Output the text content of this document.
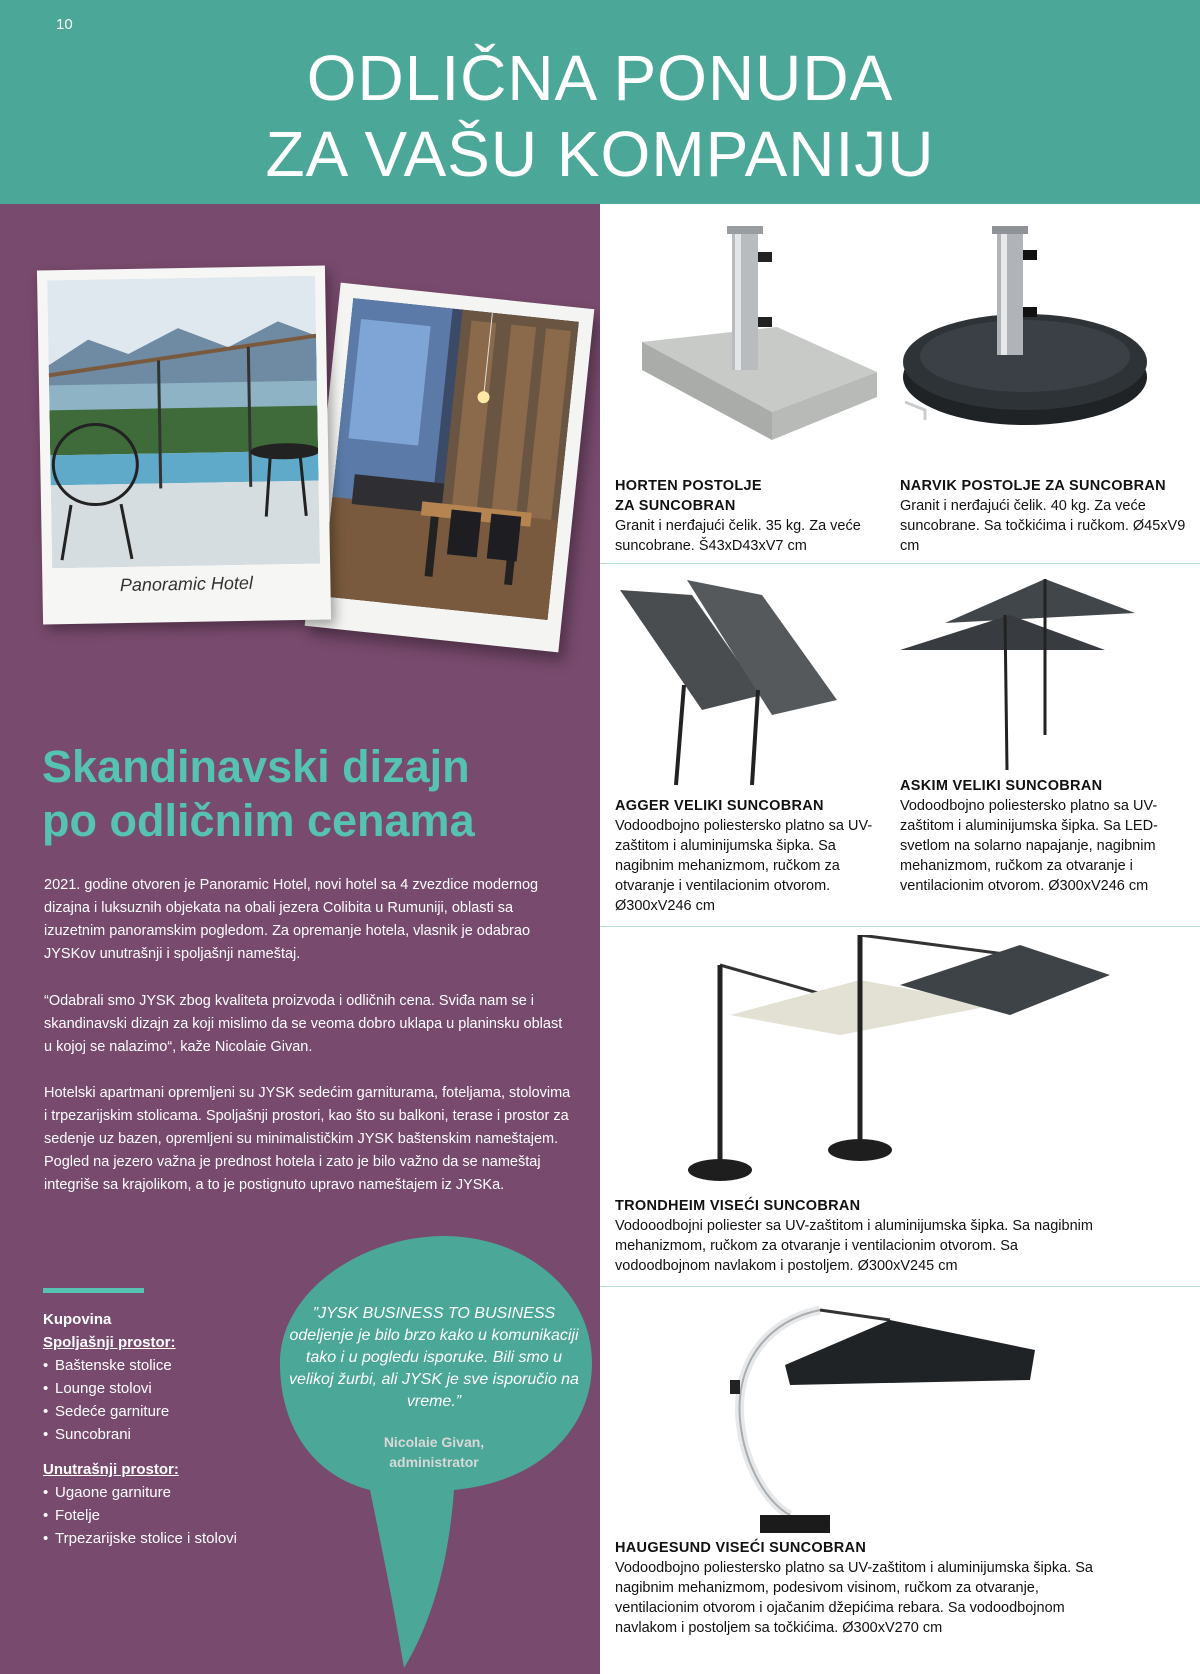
10
ODLIČNA PONUDA
ZA VAŠU KOMPANIJU
Panoramic Hotel
Skandinavski dizajn
po odličnim cenama
2021. godine otvoren je Panoramic Hotel, novi hotel sa 4 zvezdice modernog dizajna i luksuznih objekata na obali jezera Colibita u Rumuniji, oblasti sa izuzetnim panoramskim pogledom. Za opremanje hotela, vlasnik je odabrao JYSKov unutrašnji i spoljašnji nameštaj.
“Odabrali smo JYSK zbog kvaliteta proizvoda i odličnih cena. Sviđa nam se i skandinavski dizajn za koji mislimo da se veoma dobro uklapa u planinsku oblast u kojoj se nalazimo“, kaže Nicolaie Givan.
Hotelski apartmani opremljeni su JYSK sedećim garniturama, foteljama, stolovima i trpezarijskim stolicama. Spoljašnji prostori, kao što su balkoni, terase i prostor za sedenje uz bazen, opremljeni su minimalističkim JYSK baštenskim nameštajem.
Pogled na jezero važna je prednost hotela i zato je bilo važno da se nameštaj integriše sa krajolikom, a to je postignuto upravo nameštajem iz JYSKa.
Kupovina
Spoljašnji prostor:
• Baštenske stolice
• Lounge stolovi
• Sedeće garniture
• Suncobrani
Unutrašnji prostor:
• Ugaone garniture
• Fotelje
• Trpezarijske stolice i stolovi
”JYSK BUSINESS TO BUSINESS odeljenje je bilo brzo kako u komunikaciji tako i u pogledu isporuke. Bili smo u velikoj žurbi, ali JYSK je sve isporučio na vreme.”
Nicolaie Givan,
administrator
HORTEN POSTOLJE
ZA SUNCOBRAN
Granit i nerđajući čelik. 35 kg. Za veće suncobrane. Š43xD43xV7 cm
NARVIK POSTOLJE ZA SUNCOBRAN
Granit i nerđajući čelik. 40 kg. Za veće suncobrane. Sa točkićima i ručkom. Ø45xV9 cm
AGGER VELIKI SUNCOBRAN
Vodoodbojno poliestersko platno sa UV-zaštitom i aluminijumska šipka. Sa nagibnim mehanizmom, ručkom za otvaranje i ventilacionim otvorom. Ø300xV246 cm
ASKIM VELIKI SUNCOBRAN
Vodoodbojno poliestersko platno sa UV-zaštitom i aluminijumska šipka. Sa LED-svetlom na solarno napajanje, nagibnim mehanizmom, ručkom za otvaranje i ventilacionim otvorom. Ø300xV246 cm
TRONDHEIM VISEĆI SUNCOBRAN
Vodooodbojni poliester sa UV-zaštitom i aluminijumska šipka. Sa nagibnim mehanizmom, ručkom za otvaranje i ventilacionim otvorom. Sa vodoodbojnom navlakom i postoljem. Ø300xV245 cm
HAUGESUND VISEĆI SUNCOBRAN
Vodoodbojno poliestersko platno sa UV-zaštitom i aluminijumska šipka. Sa nagibnim mehanizmom, podesivom visinom, ručkom za otvaranje, ventilacionim otvorom i ojačanim džepićima rebara. Sa vodoodbojnom navlakom i postoljem sa točkićima. Ø300xV270 cm
